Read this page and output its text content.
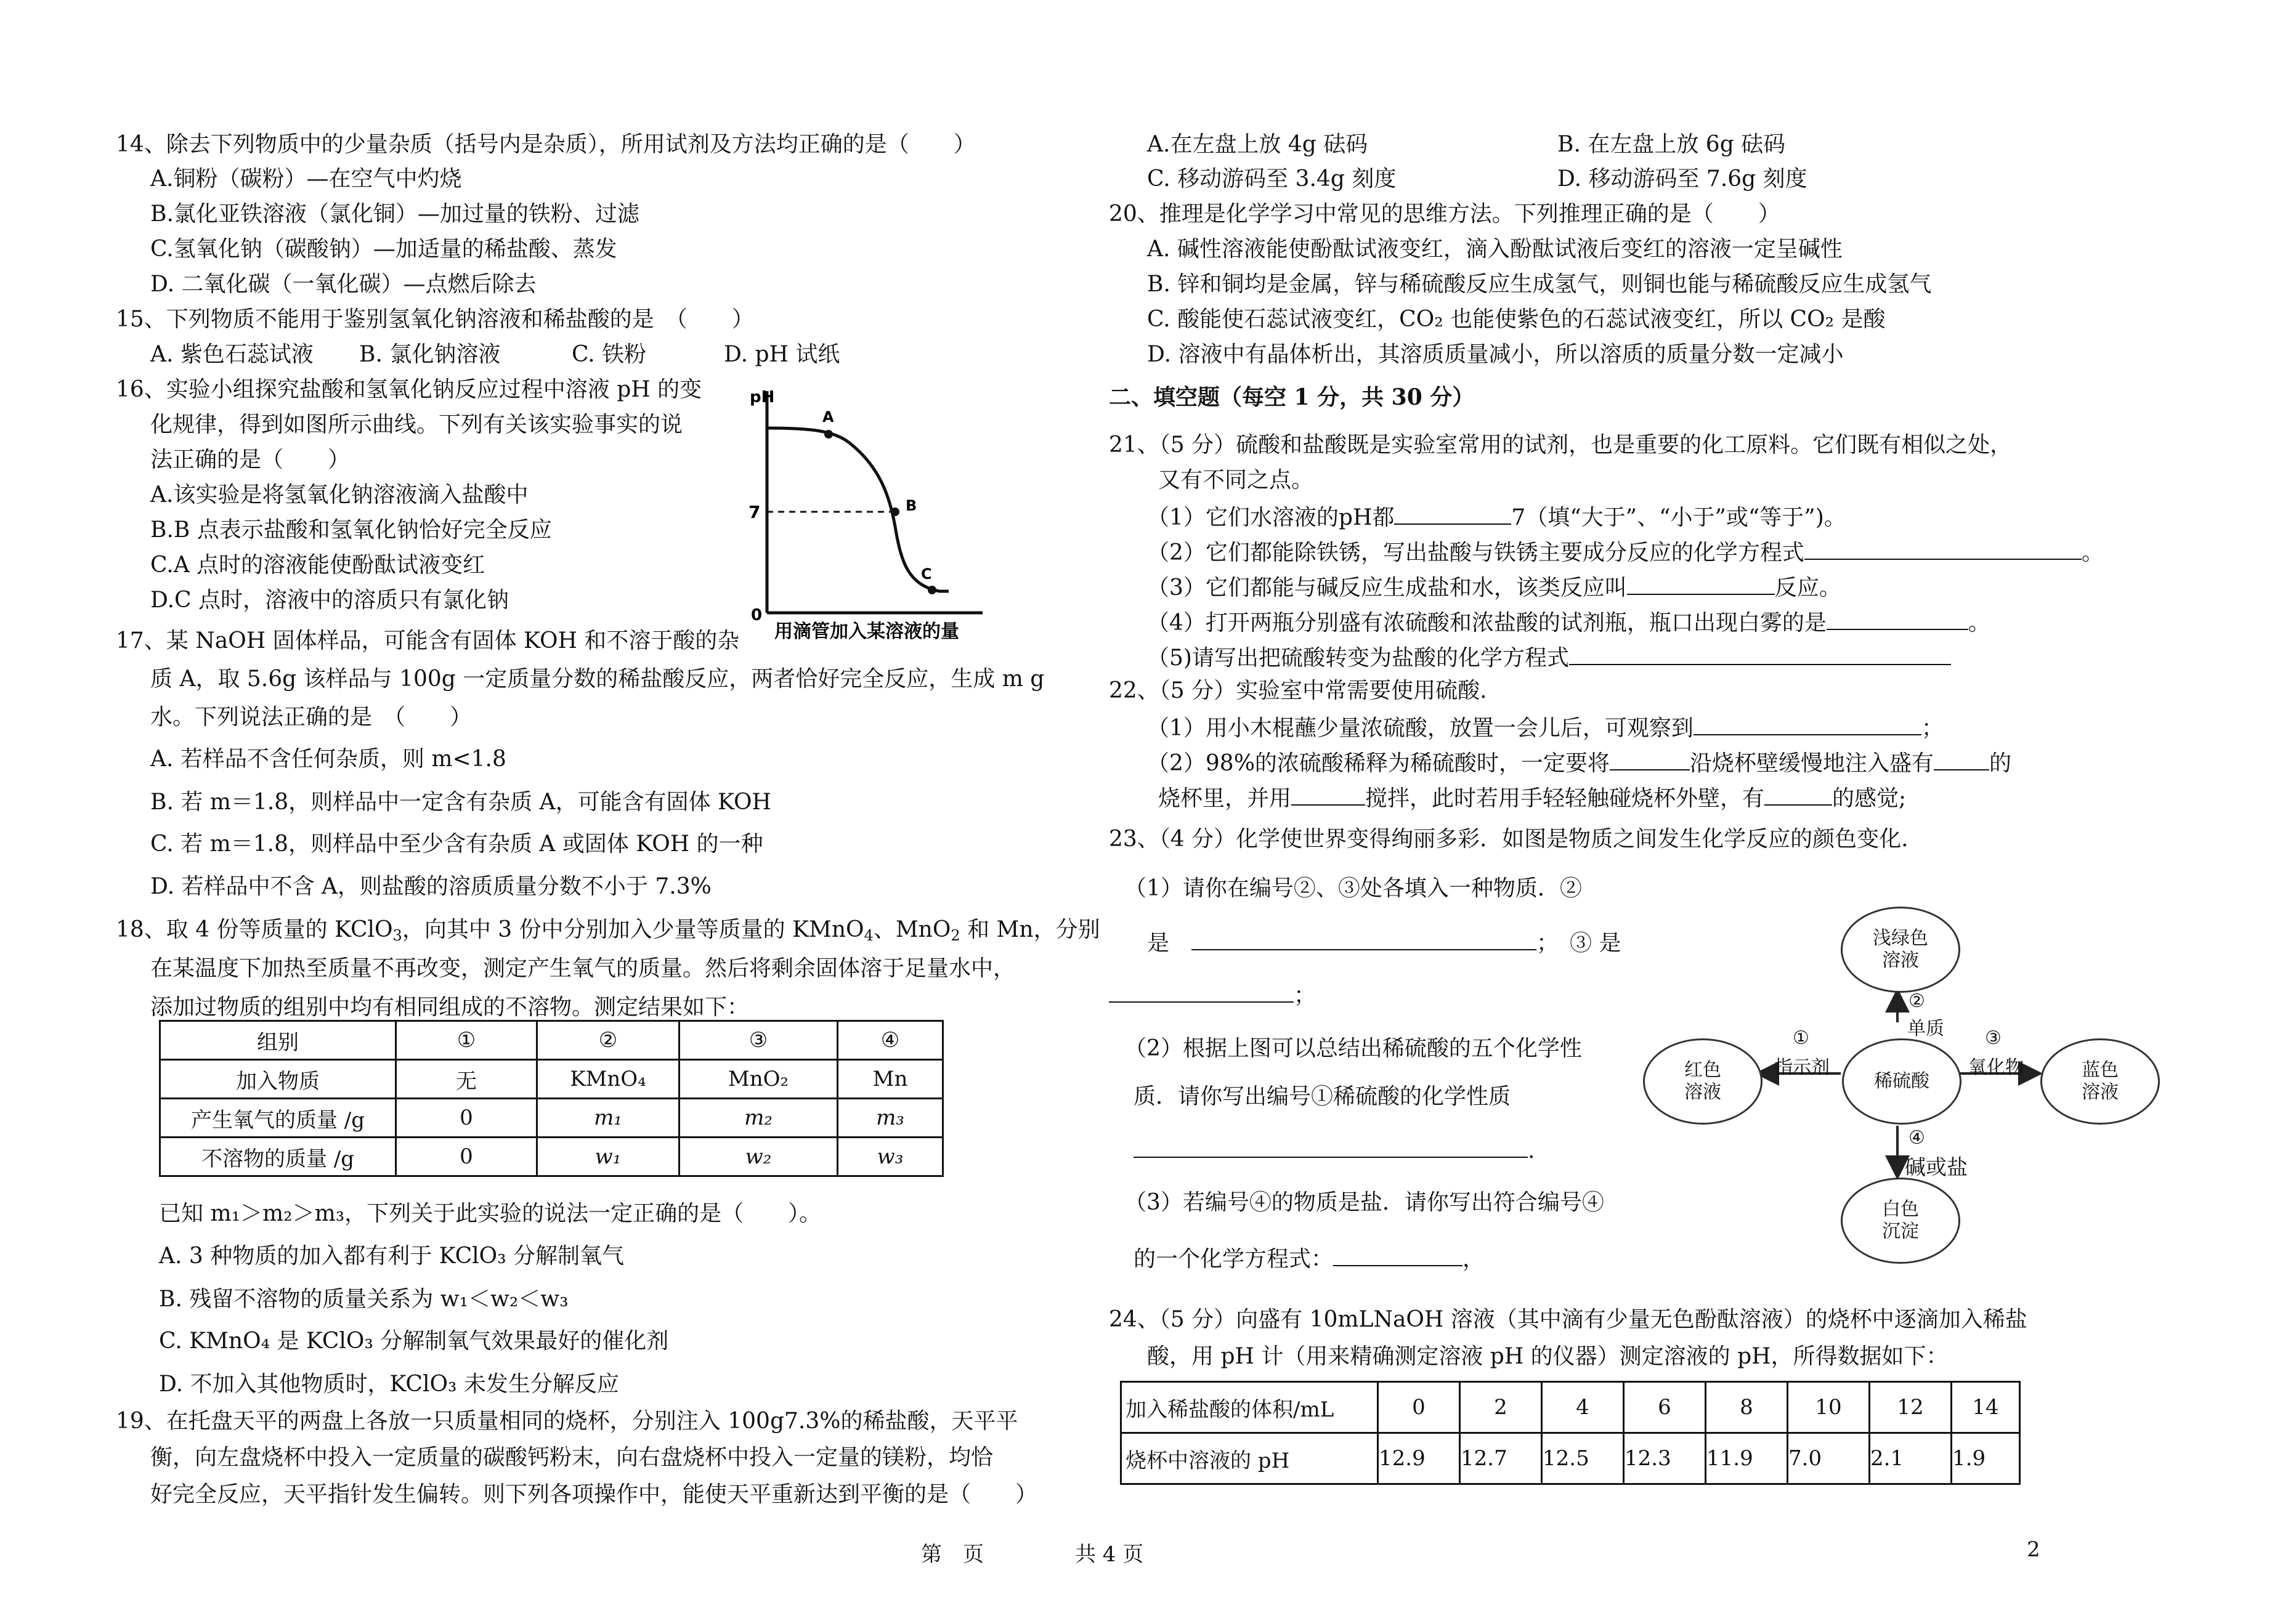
14、除去下列物质中的少量杂质（括号内是杂质），所用试剂及方法均正确的是（　　）
A.铜粉（碳粉）—在空气中灼烧
B.氯化亚铁溶液（氯化铜）—加过量的铁粉、过滤
C.氢氧化钠（碳酸钠）—加适量的稀盐酸、蒸发
D. 二氧化碳（一氧化碳）—点燃后除去
15、下列物质不能用于鉴别氢氧化钠溶液和稀盐酸的是　（　　）
A. 紫色石蕊试液 B. 氯化钠溶液	C. 铁粉	D. pH 试纸
16、实验小组探究盐酸和氢氧化钠反应过程中溶液 pH 的变
化规律，得到如图所示曲线。下列有关该实验事实的说
法正确的是（　　）
A.该实验是将氢氧化钠溶液滴入盐酸中
B.B 点表示盐酸和氢氧化钠恰好完全反应
C.A 点时的溶液能使酚酞试液变红
D.C 点时，溶液中的溶质只有氯化钠
pH
7
0
A
B
C
用滴管加入某溶液的量
17、某 NaOH 固体样品，可能含有固体 KOH 和不溶于酸的杂
质 A，取 5.6g 该样品与 100g 一定质量分数的稀盐酸反应，两者恰好完全反应，生成 m g
水。下列说法正确的是　（　　）
A. 若样品不含任何杂质，则 m<1.8
B. 若 m＝1.8，则样品中一定含有杂质 A，可能含有固体 KOH
C. 若 m＝1.8，则样品中至少含有杂质 A 或固体 KOH 的一种
D. 若样品中不含 A，则盐酸的溶质质量分数不小于 7.3%
18、取 4 份等质量的 KClO$_3$，向其中 3 份中分别加入少量等质量的 KMnO$_4$、MnO$_2$ 和 Mn，分别
在某温度下加热至质量不再改变，测定产生氧气的质量。然后将剩余固体溶于足量水中，
添加过物质的组别中均有相同组成的不溶物。测定结果如下：
组别	①	②	③	④
加入物质	无	KMnO₄	MnO₂	Mn
产生氧气的质量 /g	0	m₁	m₂	m₃
不溶物的质量 /g	0	w₁	w₂	w₃
已知 m₁＞m₂＞m₃，下列关于此实验的说法一定正确的是（　　）。
A. 3 种物质的加入都有利于 KClO₃ 分解制氧气
B. 残留不溶物的质量关系为 w₁＜w₂＜w₃
C. KMnO₄ 是 KClO₃ 分解制氧气效果最好的催化剂
D. 不加入其他物质时，KClO₃ 未发生分解反应
19、在托盘天平的两盘上各放一只质量相同的烧杯，分别注入 100g7.3%的稀盐酸，天平平
衡，向左盘烧杯中投入一定质量的碳酸钙粉末，向右盘烧杯中投入一定量的镁粉，均恰
好完全反应，天平指针发生偏转。则下列各项操作中，能使天平重新达到平衡的是（　　）
A.在左盘上放 4g 砝码	B. 在左盘上放 6g 砝码
C. 移动游码至 3.4g 刻度	D. 移动游码至 7.6g 刻度
20、推理是化学学习中常见的思维方法。下列推理正确的是（　　）
A. 碱性溶液能使酚酞试液变红，滴入酚酞试液后变红的溶液一定呈碱性
B. 锌和铜均是金属，锌与稀硫酸反应生成氢气，则铜也能与稀硫酸反应生成氢气
C. 酸能使石蕊试液变红，CO₂ 也能使紫色的石蕊试液变红，所以 CO₂ 是酸
D. 溶液中有晶体析出，其溶质质量减小，所以溶质的质量分数一定减小
二、填空题（每空 1 分，共 30 分）
21、（5 分）硫酸和盐酸既是实验室常用的试剂，也是重要的化工原料。它们既有相似之处，
又有不同之点。
（1）它们水溶液的pH都	7（填“大于”、“小于”或“等于”)。
（2）它们都能除铁锈，写出盐酸与铁锈主要成分反应的化学方程式	。
（3）它们都能与碱反应生成盐和水，该类反应叫	反应。
（4）打开两瓶分别盛有浓硫酸和浓盐酸的试剂瓶，瓶口出现白雾的是	。
（5)请写出把硫酸转变为盐酸的化学方程式
22、（5 分）实验室中常需要使用硫酸.
（1）用小木棍蘸少量浓硫酸，放置一会儿后，可观察到	；
（2）98%的浓硫酸稀释为稀硫酸时，一定要将	沿烧杯壁缓慢地注入盛有	的
烧杯里，并用	搅拌，此时若用手轻轻触碰烧杯外壁，有	的感觉;
23、（4 分）化学使世界变得绚丽多彩．如图是物质之间发生化学反应的颜色变化.
（1）请你在编号②、③处各填入一种物质．②
是　	；　③ 是
；
（2）根据上图可以总结出稀硫酸的五个化学性
质．请你写出编号①稀硫酸的化学性质
.
（3）若编号④的物质是盐．请你写出符合编号④
的一个化学方程式：	，
浅绿色
溶液
红色
溶液
稀硫酸
蓝色
溶液
白色
沉淀
①
指示剂
②
单质 ③
氧化物
④
碱或盐
24、（5 分）向盛有 10mLNaOH 溶液（其中滴有少量无色酚酞溶液）的烧杯中逐滴加入稀盐
酸，用 pH 计（用来精确测定溶液 pH 的仪器）测定溶液的 pH，所得数据如下：
加入稀盐酸的体积/mL	0	2	4	6	8	10	12	14
烧杯中溶液的 pH	12.9	12.7	12.5	12.3	11.9	7.0	2.1	1.9
第　页	共 4 页	2
